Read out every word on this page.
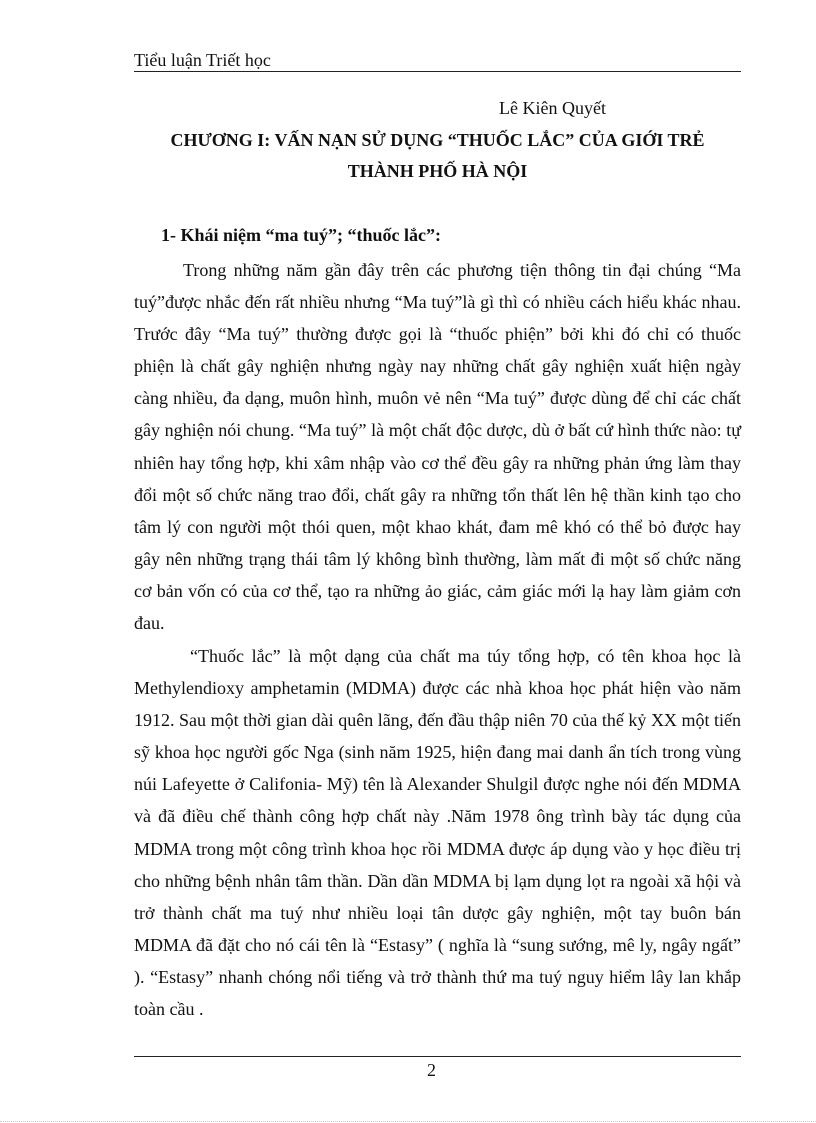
Tiểu luận Triết học
Lê Kiên Quyết
CHƯƠNG I: VẤN NẠN SỬ DỤNG “THUỐC LẮC” CỦA GIỚI TRẺ
THÀNH PHỐ HÀ NỘI
1- Khái niệm “ma tuý”; “thuốc lắc”:

Trong những năm gần đây trên các phương tiện thông tin đại chúng “Ma tuý”được nhắc đến rất nhiều nhưng “Ma tuý”là gì thì có nhiều cách hiểu khác nhau. Trước đây “Ma tuý” thường được gọi là “thuốc phiện” bởi khi đó chỉ có thuốc phiện là chất gây nghiện nhưng ngày nay những chất gây nghiện xuất hiện ngày càng nhiều, đa dạng, muôn hình, muôn vẻ nên “Ma tuý” được dùng để chỉ các chất gây nghiện nói chung. “Ma tuý” là một chất độc dược, dù ở bất cứ hình thức nào: tự nhiên hay tổng hợp, khi xâm nhập vào cơ thể đều gây ra những phản ứng làm thay đổi một số chức năng trao đổi, chất gây ra những tổn thất lên hệ thần kinh tạo cho tâm lý con người một thói quen, một khao khát, đam mê khó có thể bỏ được hay gây nên những trạng thái tâm lý không bình thường, làm mất đi một số chức năng cơ bản vốn có của cơ thể, tạo ra những ảo giác, cảm giác mới lạ hay làm giảm cơn đau.

“Thuốc lắc” là một dạng của chất ma túy tổng hợp, có tên khoa học là Methylendioxy amphetamin (MDMA) được các nhà khoa học phát hiện vào năm 1912. Sau một thời gian dài quên lãng, đến đầu thập niên 70 của thế kỷ XX một tiến sỹ khoa học người gốc Nga (sinh năm 1925, hiện đang mai danh ẩn tích trong vùng núi Lafeyette ở Califonia- Mỹ) tên là Alexander Shulgil được nghe nói đến MDMA và đã điều chế thành công hợp chất này .Năm 1978 ông trình bày tác dụng của MDMA trong một công trình khoa học rồi MDMA được áp dụng vào y học điều trị cho những bệnh nhân tâm thần. Dần dần MDMA bị lạm dụng lọt ra ngoài xã hội và trở thành chất ma tuý như nhiều loại tân dược gây nghiện, một tay buôn bán MDMA đã đặt cho nó cái tên là “Estasy” ( nghĩa là “sung sướng, mê ly, ngây ngất” ). “Estasy” nhanh chóng nổi tiếng và trở thành thứ ma tuý nguy hiểm lây lan khắp toàn cầu .

2
